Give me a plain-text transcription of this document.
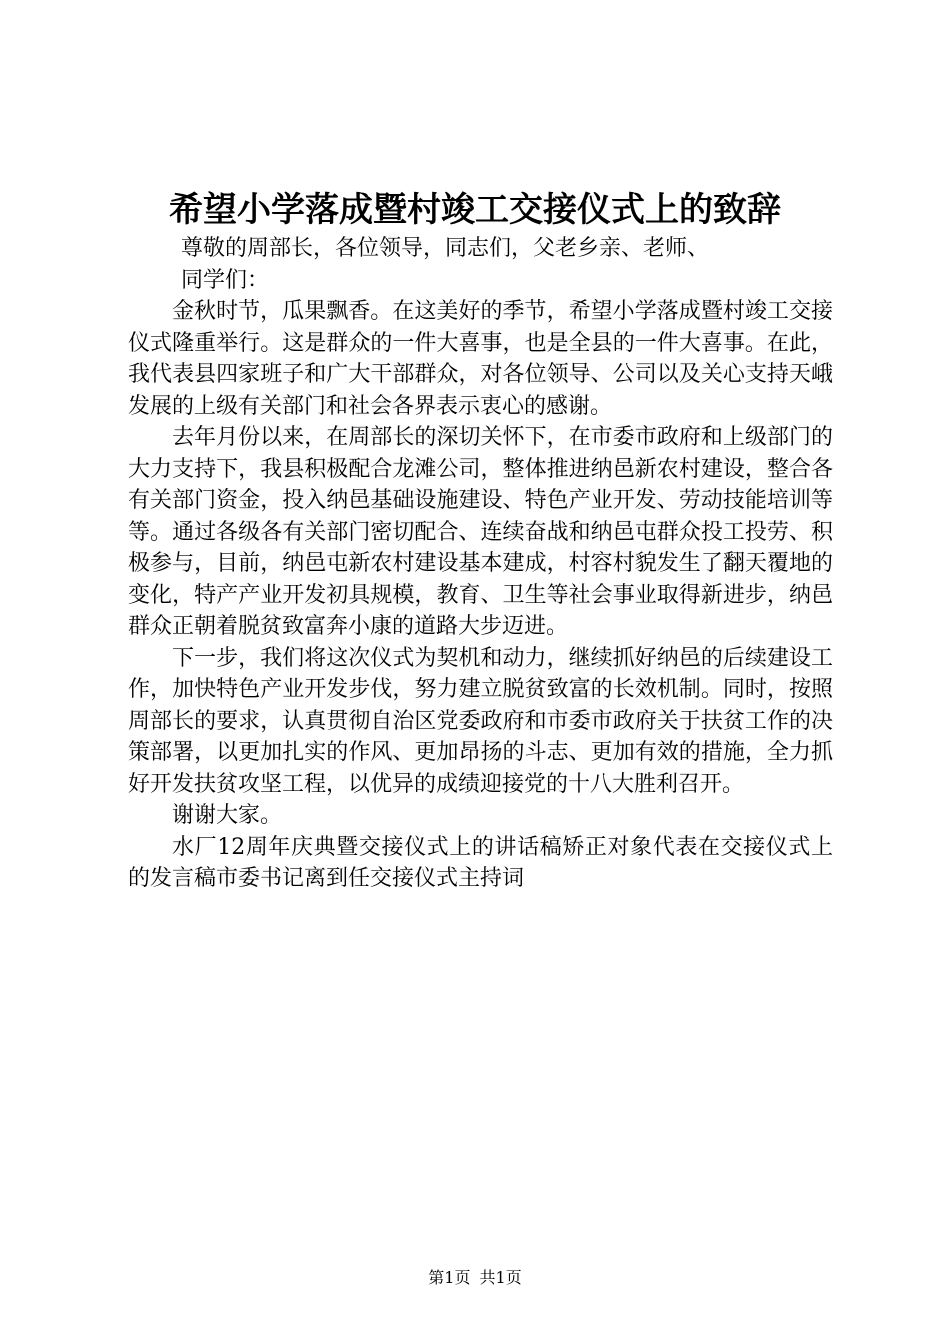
希望小学落成暨村竣工交接仪式上的致辞
尊敬的周部长，各位领导，同志们，父老乡亲、老师、
同学们：

金秋时节，瓜果飘香。在这美好的季节，希望小学落成暨村竣工交接仪式隆重举行。这是群众的一件大喜事，也是全县的一件大喜事。在此，我代表县四家班子和广大干部群众，对各位领导、公司以及关心支持天峨发展的上级有关部门和社会各界表示衷心的感谢。

去年月份以来，在周部长的深切关怀下，在市委市政府和上级部门的大力支持下，我县积极配合龙滩公司，整体推进纳邑新农村建设，整合各有关部门资金，投入纳邑基础设施建设、特色产业开发、劳动技能培训等等。通过各级各有关部门密切配合、连续奋战和纳邑屯群众投工投劳、积极参与，目前，纳邑屯新农村建设基本建成，村容村貌发生了翻天覆地的变化，特产产业开发初具规模，教育、卫生等社会事业取得新进步，纳邑群众正朝着脱贫致富奔小康的道路大步迈进。

下一步，我们将这次仪式为契机和动力，继续抓好纳邑的后续建设工作，加快特色产业开发步伐，努力建立脱贫致富的长效机制。同时，按照周部长的要求，认真贯彻自治区党委政府和市委市政府关于扶贫工作的决策部署，以更加扎实的作风、更加昂扬的斗志、更加有效的措施，全力抓好开发扶贫攻坚工程，以优异的成绩迎接党的十八大胜利召开。

谢谢大家。

水厂12周年庆典暨交接仪式上的讲话稿矫正对象代表在交接仪式上的发言稿市委书记离到任交接仪式主持词

第1页 共1页
